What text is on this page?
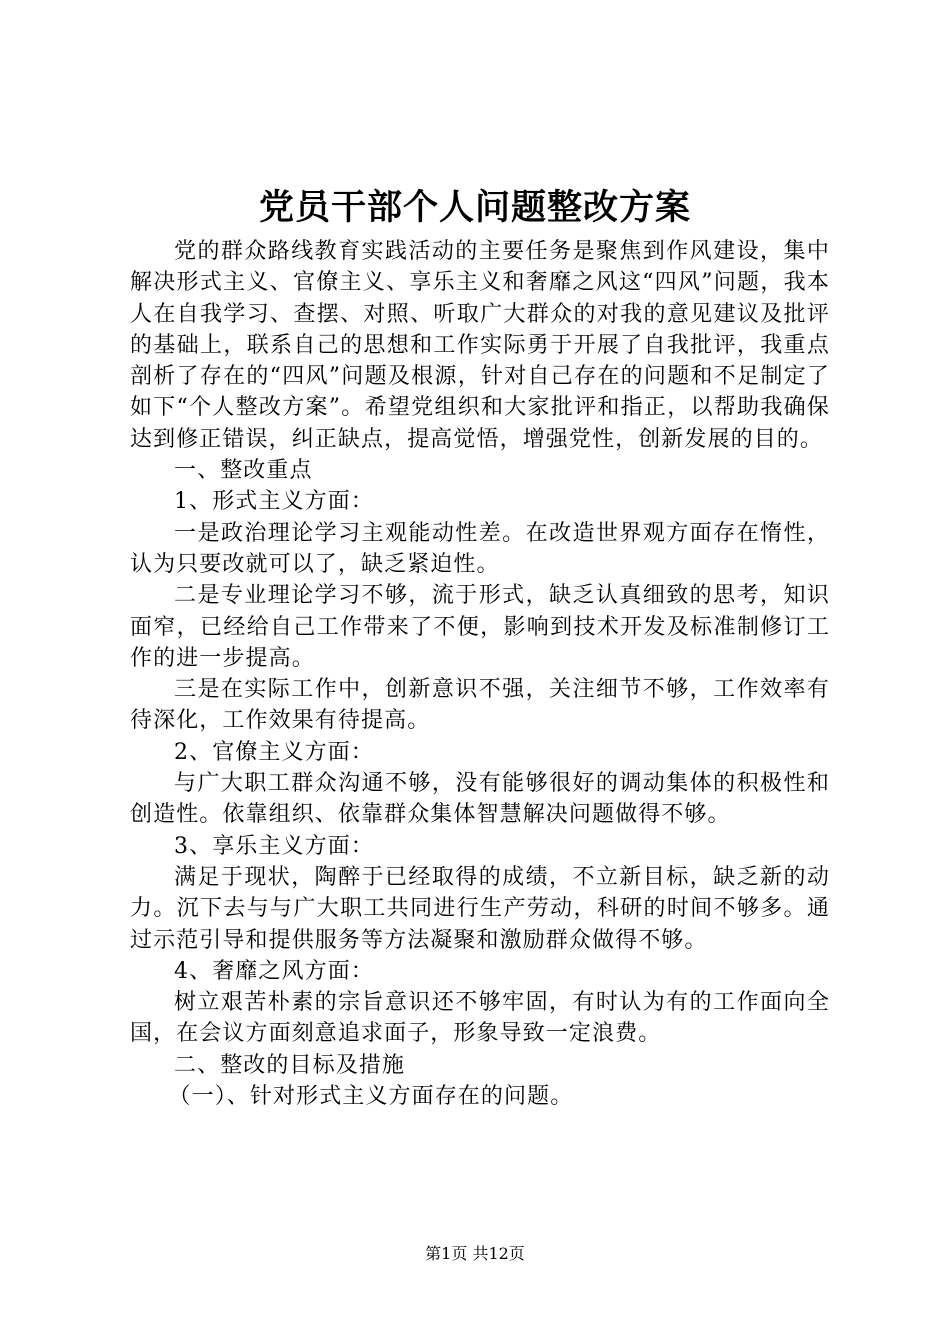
党员干部个人问题整改方案

党的群众路线教育实践活动的主要任务是聚焦到作风建设，集中解决形式主义、官僚主义、享乐主义和奢靡之风这“四风”问题，我本人在自我学习、查摆、对照、听取广大群众的对我的意见建议及批评的基础上，联系自己的思想和工作实际勇于开展了自我批评，我重点剖析了存在的“四风”问题及根源，针对自己存在的问题和不足制定了如下“个人整改方案”。希望党组织和大家批评和指正，以帮助我确保达到修正错误，纠正缺点，提高觉悟，增强党性，创新发展的目的。

一、整改重点

1、形式主义方面：

一是政治理论学习主观能动性差。在改造世界观方面存在惰性，认为只要改就可以了，缺乏紧迫性。

二是专业理论学习不够，流于形式，缺乏认真细致的思考，知识面窄，已经给自己工作带来了不便，影响到技术开发及标准制修订工作的进一步提高。

三是在实际工作中，创新意识不强，关注细节不够，工作效率有待深化，工作效果有待提高。

2、官僚主义方面：

与广大职工群众沟通不够，没有能够很好的调动集体的积极性和创造性。依靠组织、依靠群众集体智慧解决问题做得不够。

3、享乐主义方面：

满足于现状，陶醉于已经取得的成绩，不立新目标，缺乏新的动力。沉下去与与广大职工共同进行生产劳动，科研的时间不够多。通过示范引导和提供服务等方法凝聚和激励群众做得不够。

4、奢靡之风方面：

树立艰苦朴素的宗旨意识还不够牢固，有时认为有的工作面向全国，在会议方面刻意追求面子，形象导致一定浪费。

二、整改的目标及措施

（一）、针对形式主义方面存在的问题。

第1页 共12页
